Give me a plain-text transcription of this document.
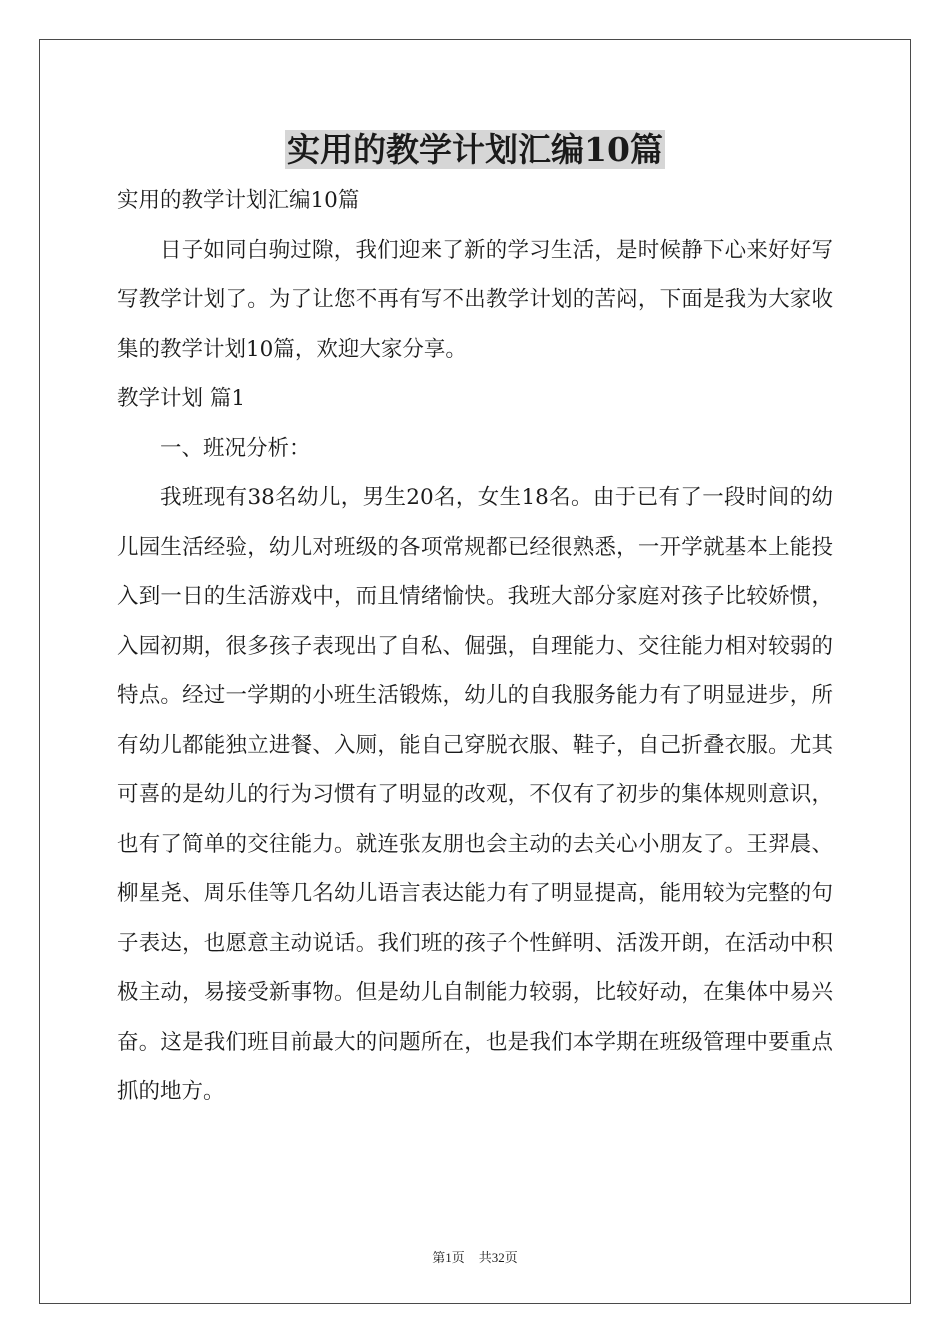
实用的教学计划汇编10篇

实用的教学计划汇编10篇

日子如同白驹过隙，我们迎来了新的学习生活，是时候静下心来好好写写教学计划了。为了让您不再有写不出教学计划的苦闷，下面是我为大家收集的教学计划10篇，欢迎大家分享。

教学计划 篇1

一、班况分析：

我班现有38名幼儿，男生20名，女生18名。由于已有了一段时间的幼儿园生活经验，幼儿对班级的各项常规都已经很熟悉，一开学就基本上能投入到一日的生活游戏中，而且情绪愉快。我班大部分家庭对孩子比较娇惯，入园初期，很多孩子表现出了自私、倔强，自理能力、交往能力相对较弱的特点。经过一学期的小班生活锻炼，幼儿的自我服务能力有了明显进步，所有幼儿都能独立进餐、入厕，能自己穿脱衣服、鞋子，自己折叠衣服。尤其可喜的是幼儿的行为习惯有了明显的改观，不仅有了初步的集体规则意识，也有了简单的交往能力。就连张友朋也会主动的去关心小朋友了。王羿晨、柳星尧、周乐佳等几名幼儿语言表达能力有了明显提高，能用较为完整的句子表达，也愿意主动说话。我们班的孩子个性鲜明、活泼开朗，在活动中积极主动，易接受新事物。但是幼儿自制能力较弱，比较好动，在集体中易兴奋。这是我们班目前最大的问题所在，也是我们本学期在班级管理中要重点抓的地方。

第1页 共32页
